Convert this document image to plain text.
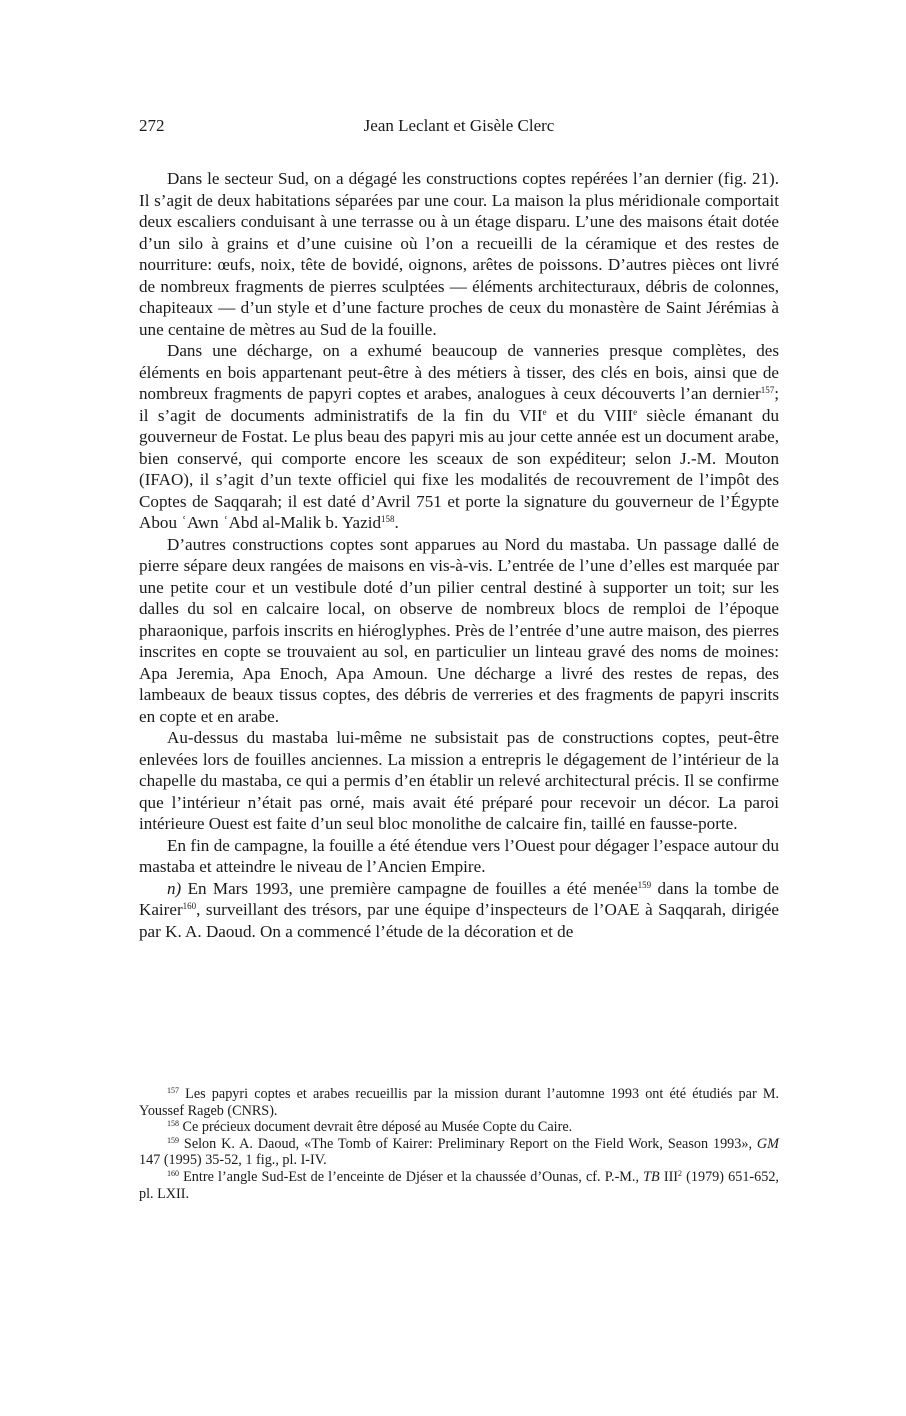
272	Jean Leclant et Gisèle Clerc

Dans le secteur Sud, on a dégagé les constructions coptes repérées l’an dernier (fig. 21). Il s’agit de deux habitations séparées par une cour. La maison la plus méridionale comportait deux escaliers conduisant à une terrasse ou à un étage disparu. L’une des maisons était dotée d’un silo à grains et d’une cuisine où l’on a recueilli de la céramique et des restes de nourriture: œufs, noix, tête de bovidé, oignons, arêtes de poissons. D’autres pièces ont livré de nombreux fragments de pierres sculptées — éléments architecturaux, débris de colonnes, chapiteaux — d’un style et d’une facture proches de ceux du monastère de Saint Jérémias à une centaine de mètres au Sud de la fouille.

Dans une décharge, on a exhumé beaucoup de vanneries presque complètes, des éléments en bois appartenant peut-être à des métiers à tisser, des clés en bois, ainsi que de nombreux fragments de papyri coptes et arabes, analogues à ceux découverts l’an dernier$^{157}$; il s’agit de documents administratifs de la fin du VIIe et du VIIIe siècle émanant du gouverneur de Fostat. Le plus beau des papyri mis au jour cette année est un document arabe, bien conservé, qui comporte encore les sceaux de son expéditeur; selon J.-M. Mouton (IFAO), il s’agit d’un texte officiel qui fixe les modalités de recouvrement de l’impôt des Coptes de Saqqarah; il est daté d’Avril 751 et porte la signature du gouverneur de l’Égypte Abou ʿAwn ʿAbd al-Malik b. Yazid$^{158}$.

D’autres constructions coptes sont apparues au Nord du mastaba. Un passage dallé de pierre sépare deux rangées de maisons en vis-à-vis. L’entrée de l’une d’elles est marquée par une petite cour et un vestibule doté d’un pilier central destiné à supporter un toit; sur les dalles du sol en calcaire local, on observe de nombreux blocs de remploi de l’époque pharaonique, parfois inscrits en hiéroglyphes. Près de l’entrée d’une autre maison, des pierres inscrites en copte se trouvaient au sol, en particulier un linteau gravé des noms de moines: Apa Jeremia, Apa Enoch, Apa Amoun. Une décharge a livré des restes de repas, des lambeaux de beaux tissus coptes, des débris de verreries et des fragments de papyri inscrits en copte et en arabe.

Au-dessus du mastaba lui-même ne subsistait pas de constructions coptes, peut-être enlevées lors de fouilles anciennes. La mission a entrepris le dégagement de l’intérieur de la chapelle du mastaba, ce qui a permis d’en établir un relevé architectural précis. Il se confirme que l’intérieur n’était pas orné, mais avait été préparé pour recevoir un décor. La paroi intérieure Ouest est faite d’un seul bloc monolithe de calcaire fin, taillé en fausse-porte.

En fin de campagne, la fouille a été étendue vers l’Ouest pour dégager l’espace autour du mastaba et atteindre le niveau de l’Ancien Empire.

n) En Mars 1993, une première campagne de fouilles a été menée$^{159}$ dans la tombe de Kairer$^{160}$, surveillant des trésors, par une équipe d’inspecteurs de l’OAE à Saqqarah, dirigée par K. A. Daoud. On a commencé l’étude de la décoration et de

$^{157}$ Les papyri coptes et arabes recueillis par la mission durant l’automne 1993 ont été étudiés par M. Youssef Rageb (CNRS).

$^{158}$ Ce précieux document devrait être déposé au Musée Copte du Caire.

$^{159}$ Selon K. A. Daoud, «The Tomb of Kairer: Preliminary Report on the Field Work, Season 1993», GM 147 (1995) 35-52, 1 fig., pl. I-IV.

$^{160}$ Entre l’angle Sud-Est de l’enceinte de Djéser et la chaussée d’Ounas, cf. P.-M., TB III$^2$ (1979) 651-652, pl. LXII.
